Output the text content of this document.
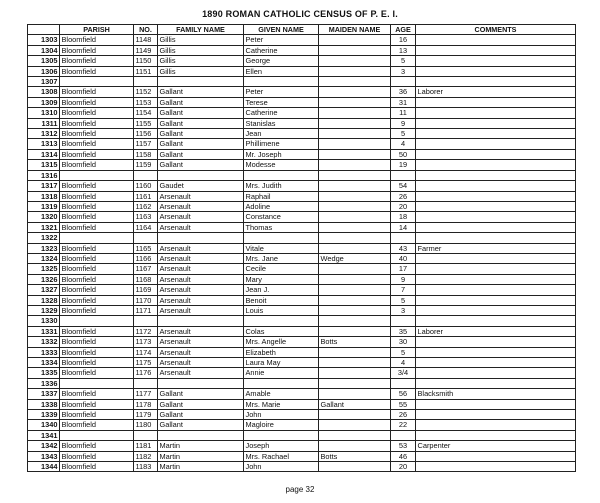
1890 ROMAN CATHOLIC CENSUS OF P. E. I.
	PARISH	NO.	FAMILY NAME	GIVEN NAME	MAIDEN NAME	AGE	COMMENTS
1303	Bloomfield	1148	Gillis	Peter		16	
1304	Bloomfield	1149	Gillis	Catherine		13	
1305	Bloomfield	1150	Gillis	George		5	
1306	Bloomfield	1151	Gillis	Ellen		3	
1307							
1308	Bloomfield	1152	Gallant	Peter		36	Laborer
1309	Bloomfield	1153	Gallant	Terese		31	
1310	Bloomfield	1154	Gallant	Catherine		11	
1311	Bloomfield	1155	Gallant	Stanislas		9	
1312	Bloomfield	1156	Gallant	Jean		5	
1313	Bloomfield	1157	Gallant	Phillimene		4	
1314	Bloomfield	1158	Gallant	Mr. Joseph		50	
1315	Bloomfield	1159	Gallant	Modesse		19	
1316							
1317	Bloomfield	1160	Gaudet	Mrs. Judith		54	
1318	Bloomfield	1161	Arsenault	Raphail		26	
1319	Bloomfield	1162	Arsenault	Adoline		20	
1320	Bloomfield	1163	Arsenault	Constance		18	
1321	Bloomfield	1164	Arsenault	Thomas		14	
1322							
1323	Bloomfield	1165	Arsenault	Vitale		43	Farmer
1324	Bloomfield	1166	Arsenault	Mrs. Jane	Wedge	40	
1325	Bloomfield	1167	Arsenault	Cecile		17	
1326	Bloomfield	1168	Arsenault	Mary		9	
1327	Bloomfield	1169	Arsenault	Jean J.		7	
1328	Bloomfield	1170	Arsenault	Benoit		5	
1329	Bloomfield	1171	Arsenault	Louis		3	
1330							
1331	Bloomfield	1172	Arsenault	Colas		35	Laborer
1332	Bloomfield	1173	Arsenault	Mrs. Angelle	Botts	30	
1333	Bloomfield	1174	Arsenault	Elizabeth		5	
1334	Bloomfield	1175	Arsenault	Laura May		4	
1335	Bloomfield	1176	Arsenault	Annie		3/4	
1336							
1337	Bloomfield	1177	Gallant	Amable		56	Blacksmith
1338	Bloomfield	1178	Gallant	Mrs. Marie	Gallant	55	
1339	Bloomfield	1179	Gallant	John		26	
1340	Bloomfield	1180	Gallant	Magloire		22	
1341							
1342	Bloomfield	1181	Martin	Joseph		53	Carpenter
1343	Bloomfield	1182	Martin	Mrs. Rachael	Botts	46	
1344	Bloomfield	1183	Martin	John		20	
page 32
